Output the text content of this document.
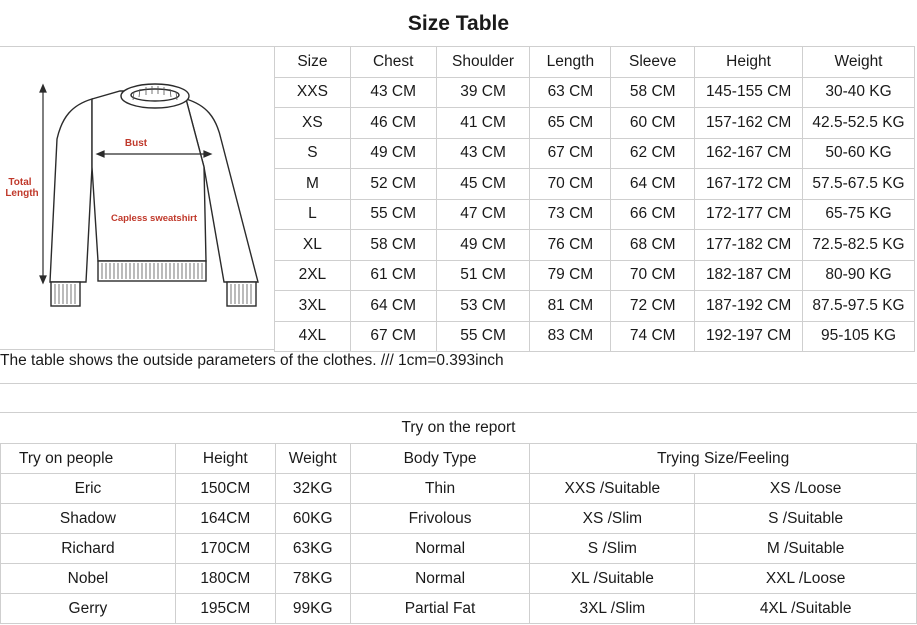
Size Table
Bust
Total
Length
Capless sweatshirt
Size	Chest	Shoulder	Length	Sleeve	Height	Weight
XXS	43 CM	39 CM	63 CM	58 CM	145-155 CM	30-40 KG
XS	46 CM	41 CM	65 CM	60 CM	157-162 CM	42.5-52.5 KG
S	49 CM	43 CM	67 CM	62 CM	162-167 CM	50-60 KG
M	52 CM	45 CM	70 CM	64 CM	167-172 CM	57.5-67.5 KG
L	55 CM	47 CM	73 CM	66 CM	172-177 CM	65-75 KG
XL	58 CM	49 CM	76 CM	68 CM	177-182 CM	72.5-82.5 KG
2XL	61 CM	51 CM	79 CM	70 CM	182-187 CM	80-90 KG
3XL	64 CM	53 CM	81 CM	72 CM	187-192 CM	87.5-97.5 KG
4XL	67 CM	55 CM	83 CM	74 CM	192-197 CM	95-105 KG
The table shows the outside parameters of the clothes. /// 1cm=0.393inch
Try on the report
Try on people	Height	Weight	Body Type	Trying Size/Feeling	
Eric	150CM	32KG	Thin	XXS /Suitable	XS /Loose
Shadow	164CM	60KG	Frivolous	XS /Slim	S /Suitable
Richard	170CM	63KG	Normal	S /Slim	M /Suitable
Nobel	180CM	78KG	Normal	XL /Suitable	XXL /Loose
Gerry	195CM	99KG	Partial Fat	3XL /Slim	4XL /Suitable
